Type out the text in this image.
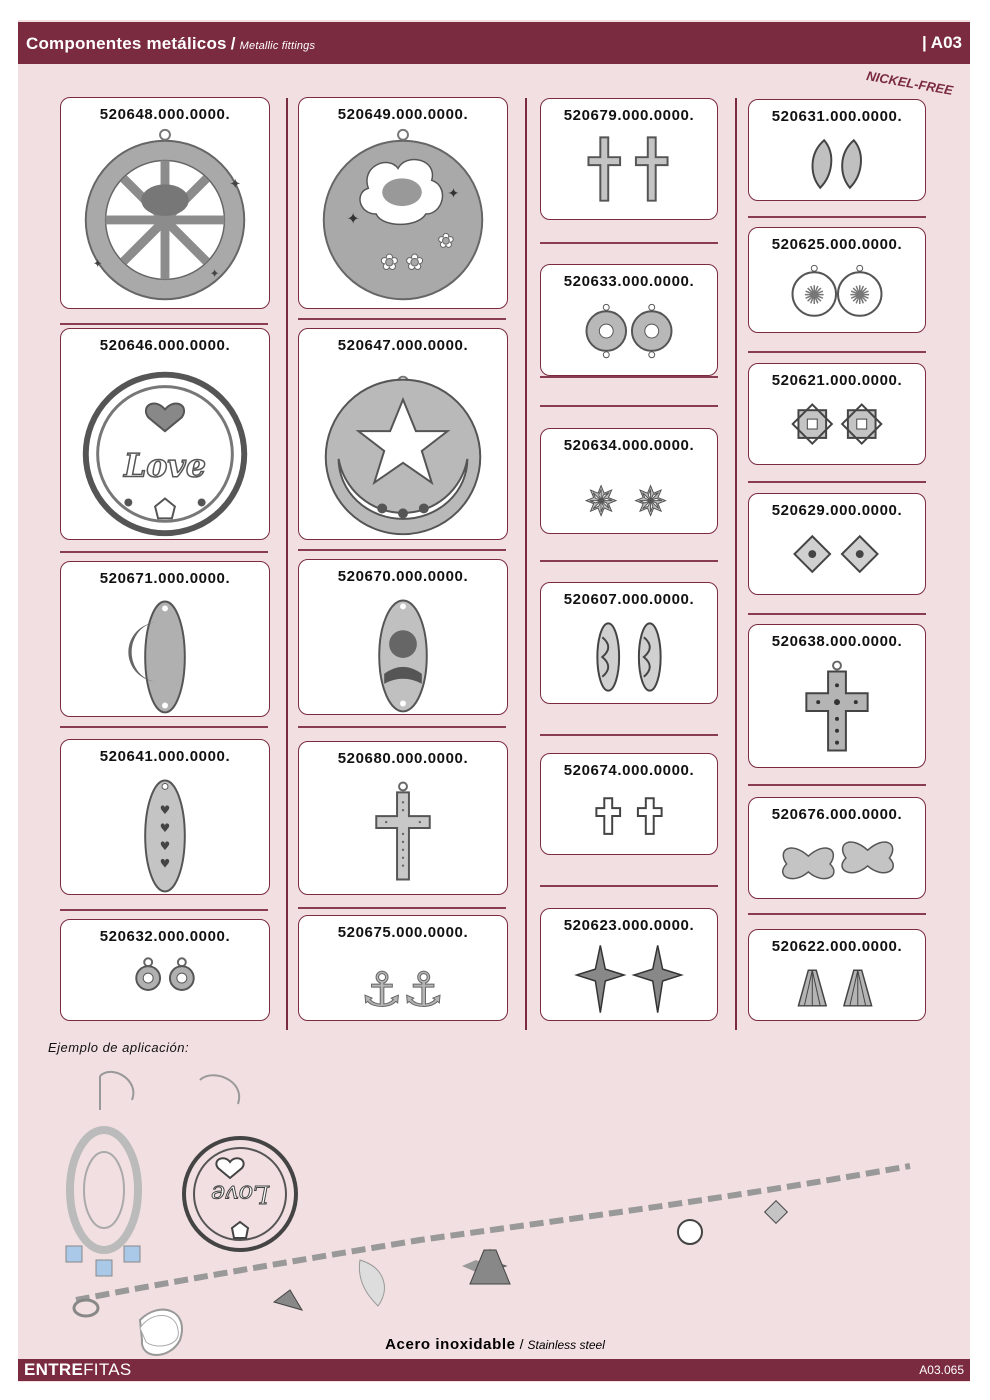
Componentes metálicos / Metallic fittings	| A03
NICKEL-FREE
520648.000.0000.
✦
✦
✦
520646.000.0000.
Love
520671.000.0000.
520641.000.0000.
♥
♥
♥
♥
520632.000.0000.
520649.000.0000.
✿ ✿
✦
✦
✿
520647.000.0000.
520670.000.0000.
520680.000.0000.
520675.000.0000.
⚓
⚓
520679.000.0000.
520633.000.0000.
520634.000.0000.
✵ ✵
520607.000.0000.
520674.000.0000.
520623.000.0000.
520631.000.0000.
520625.000.0000.
✺ ✺
520621.000.0000.
520629.000.0000.
520638.000.0000.
520676.000.0000.
520622.000.0000.
Ejemplo de aplicación:
Love
Acero inoxidable / Stainless steel
ENTREFITAS	A03.065
